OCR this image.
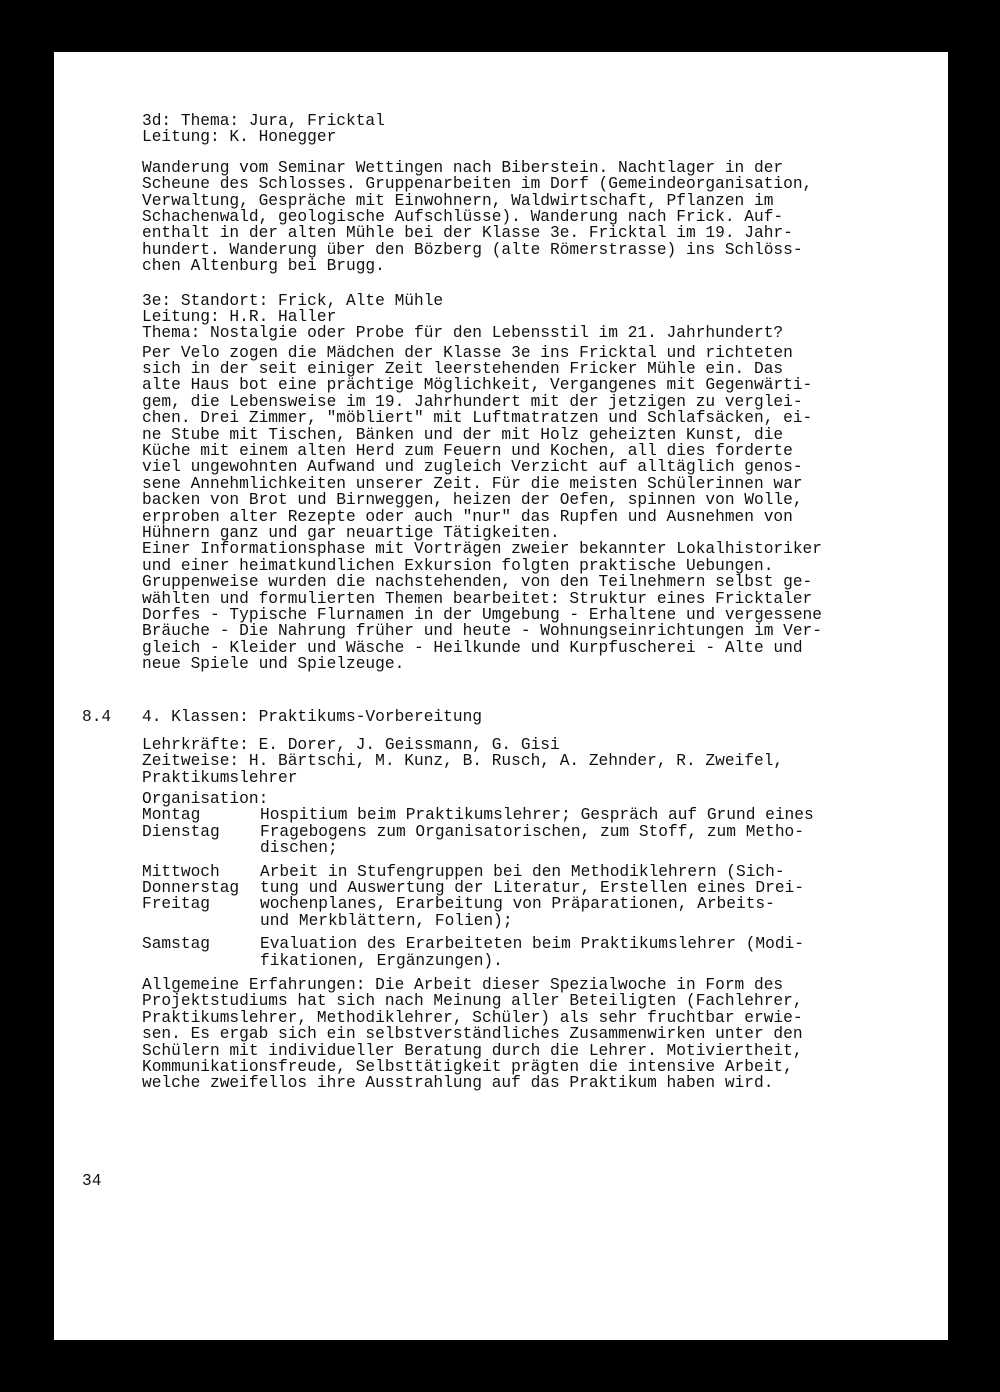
3d: Thema: Jura, Fricktal
Leitung: K. Honegger
Wanderung vom Seminar Wettingen nach Biberstein. Nachtlager in der
Scheune des Schlosses. Gruppenarbeiten im Dorf (Gemeindeorganisation,
Verwaltung, Gespräche mit Einwohnern, Waldwirtschaft, Pflanzen im
Schachenwald, geologische Aufschlüsse). Wanderung nach Frick. Auf-
enthalt in der alten Mühle bei der Klasse 3e. Fricktal im 19. Jahr-
hundert. Wanderung über den Bözberg (alte Römerstrasse) ins Schlöss-
chen Altenburg bei Brugg.
3e: Standort: Frick, Alte Mühle
Leitung: H.R. Haller
Thema: Nostalgie oder Probe für den Lebensstil im 21. Jahrhundert?
Per Velo zogen die Mädchen der Klasse 3e ins Fricktal und richteten
sich in der seit einiger Zeit leerstehenden Fricker Mühle ein. Das
alte Haus bot eine prächtige Möglichkeit, Vergangenes mit Gegenwärti-
gem, die Lebensweise im 19. Jahrhundert mit der jetzigen zu verglei-
chen. Drei Zimmer, "möbliert" mit Luftmatratzen und Schlafsäcken, ei-
ne Stube mit Tischen, Bänken und der mit Holz geheizten Kunst, die
Küche mit einem alten Herd zum Feuern und Kochen, all dies forderte
viel ungewohnten Aufwand und zugleich Verzicht auf alltäglich genos-
sene Annehmlichkeiten unserer Zeit. Für die meisten Schülerinnen war
backen von Brot und Birnweggen, heizen der Oefen, spinnen von Wolle,
erproben alter Rezepte oder auch "nur" das Rupfen und Ausnehmen von
Hühnern ganz und gar neuartige Tätigkeiten.
Einer Informationsphase mit Vorträgen zweier bekannter Lokalhistoriker
und einer heimatkundlichen Exkursion folgten praktische Uebungen.
Gruppenweise wurden die nachstehenden, von den Teilnehmern selbst ge-
wählten und formulierten Themen bearbeitet: Struktur eines Fricktaler
Dorfes - Typische Flurnamen in der Umgebung - Erhaltene und vergessene
Bräuche - Die Nahrung früher und heute - Wohnungseinrichtungen im Ver-
gleich - Kleider und Wäsche - Heilkunde und Kurpfuscherei - Alte und
neue Spiele und Spielzeuge.
8.4 4. Klassen: Praktikums-Vorbereitung
Lehrkräfte: E. Dorer, J. Geissmann, G. Gisi
Zeitweise: H. Bärtschi, M. Kunz, B. Rusch, A. Zehnder, R. Zweifel,
Praktikumslehrer
Organisation:
Montag
Dienstag
Hospitium beim Praktikumslehrer; Gespräch auf Grund eines
Fragebogens zum Organisatorischen, zum Stoff, zum Metho-
dischen;
Mittwoch
Donnerstag
Freitag
Arbeit in Stufengruppen bei den Methodiklehrern (Sich-
tung und Auswertung der Literatur, Erstellen eines Drei-
wochenplanes, Erarbeitung von Präparationen, Arbeits-
und Merkblättern, Folien);
Samstag	Evaluation des Erarbeiteten beim Praktikumslehrer (Modi-
fikationen, Ergänzungen).
Allgemeine Erfahrungen: Die Arbeit dieser Spezialwoche in Form des
Projektstudiums hat sich nach Meinung aller Beteiligten (Fachlehrer,
Praktikumslehrer, Methodiklehrer, Schüler) als sehr fruchtbar erwie-
sen. Es ergab sich ein selbstverständliches Zusammenwirken unter den
Schülern mit individueller Beratung durch die Lehrer. Motiviertheit,
Kommunikationsfreude, Selbsttätigkeit prägten die intensive Arbeit,
welche zweifellos ihre Ausstrahlung auf das Praktikum haben wird.
34
